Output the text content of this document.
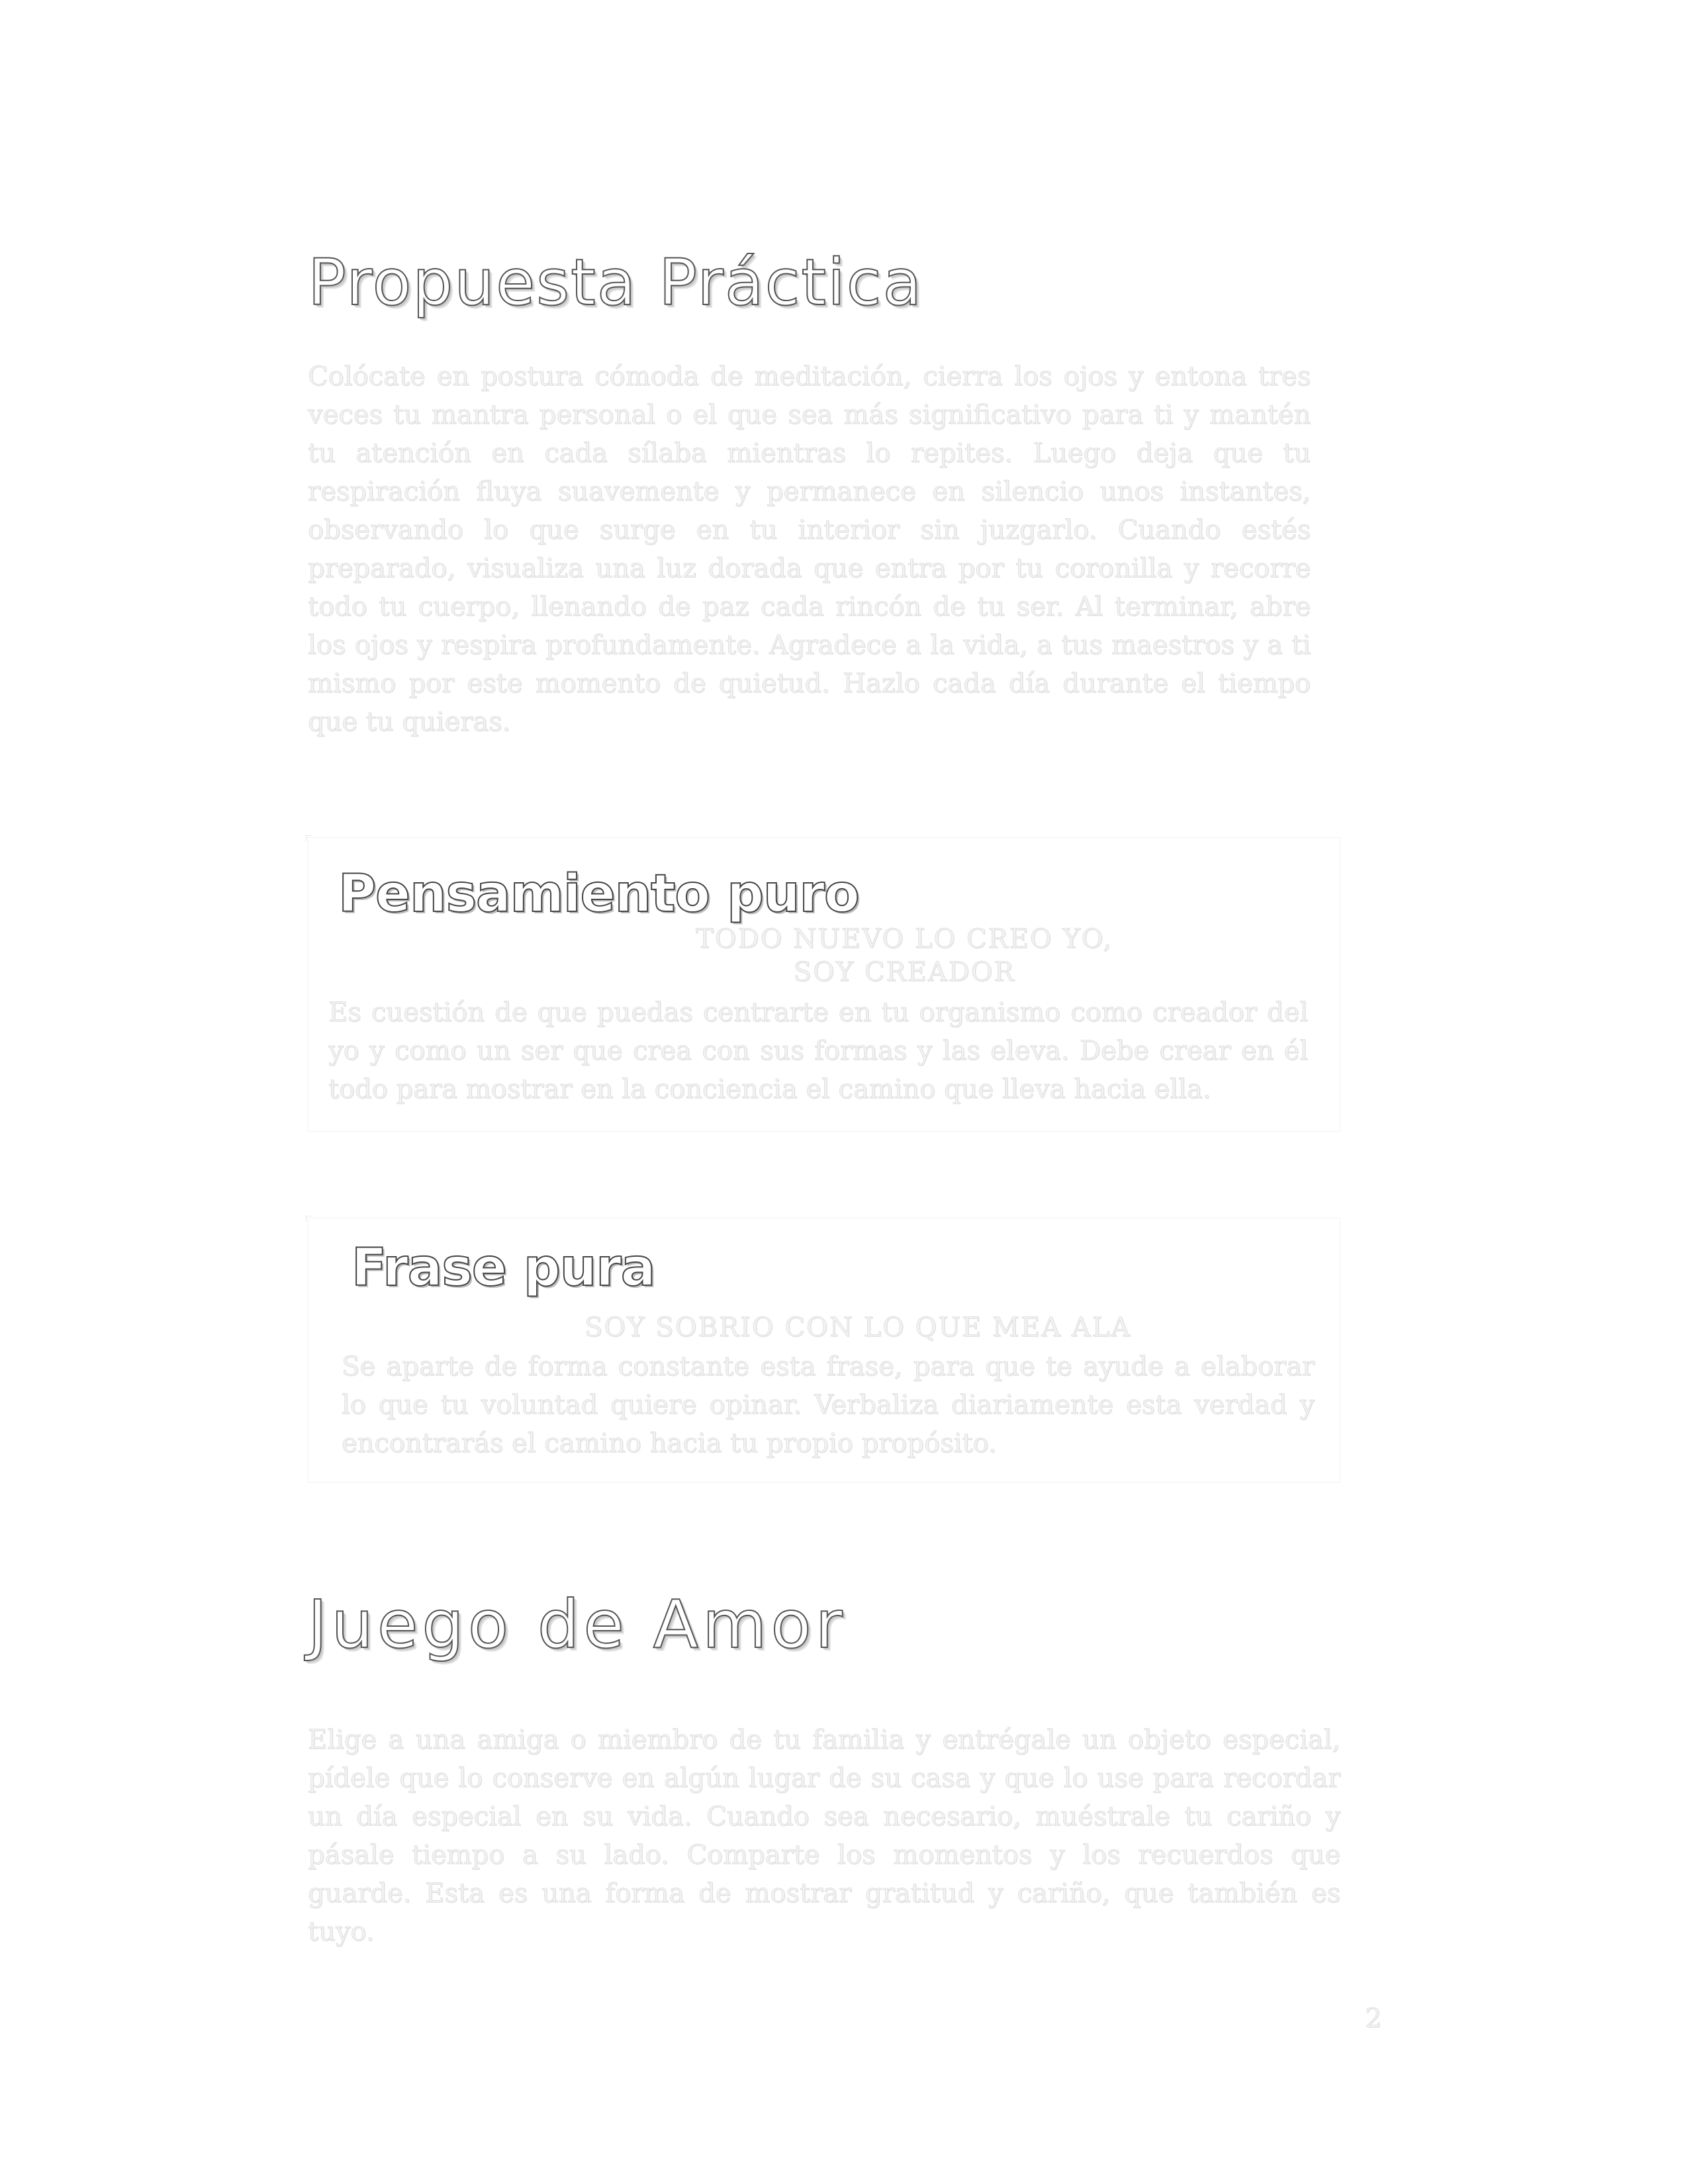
Propuesta Práctica

Colócate en postura cómoda de meditación, cierra los ojos y entona tres veces tu mantra personal o el que sea más significativo para ti y mantén tu atención en cada sílaba mientras lo repites. Luego deja que tu respiración fluya suavemente y permanece en silencio unos instantes, observando lo que surge en tu interior sin juzgarlo. Cuando estés preparado, visualiza una luz dorada que entra por tu coronilla y recorre todo tu cuerpo, llenando de paz cada rincón de tu ser. Al terminar, abre los ojos y respira profundamente. Agradece a la vida, a tus maestros y a ti mismo por este momento de quietud. Hazlo cada día durante el tiempo que tu quieras.

Pensamiento puro

TODO NUEVO LO CREO YO,

SOY CREADOR

Es cuestión de que puedas centrarte en tu organismo como creador del yo y como un ser que crea con sus formas y las eleva. Debe crear en él todo para mostrar en la conciencia el camino que lleva hacia ella.

Frase pura

SOY SOBRIO CON LO QUE MEA ALA

Se aparte de forma constante esta frase, para que te ayude a elaborar lo que tu voluntad quiere opinar. Verbaliza diariamente esta verdad y encontrarás el camino hacia tu propio propósito.

Juego de Amor

Elige a una amiga o miembro de tu familia y entrégale un objeto especial, pídele que lo conserve en algún lugar de su casa y que lo use para recordar un día especial en su vida. Cuando sea necesario, muéstrale tu cariño y pásale tiempo a su lado. Comparte los momentos y los recuerdos que guarde. Esta es una forma de mostrar gratitud y cariño, que también es tuyo.

2
